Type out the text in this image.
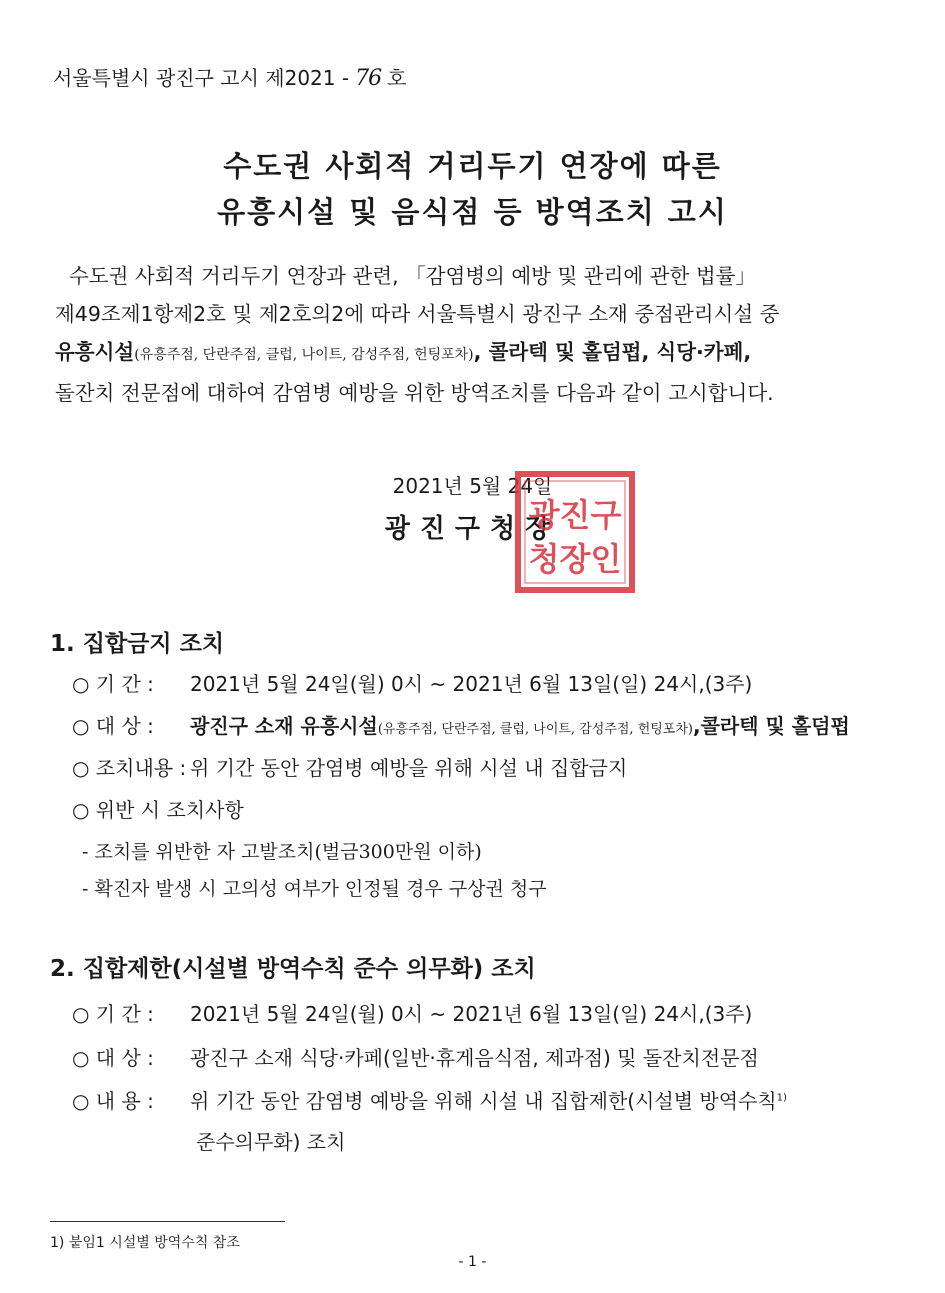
서울특별시 광진구 고시 제2021 - 76 호
수도권 사회적 거리두기 연장에 따른
유흥시설 및 음식점 등 방역조치 고시

수도권 사회적 거리두기 연장과 관련, 「감염병의 예방 및 관리에 관한 법률」

제49조제1항제2호 및 제2호의2에 따라 서울특별시 광진구 소재 중점관리시설 중

유흥시설(유흥주점, 단란주점, 클럽, 나이트, 감성주점, 헌팅포차), 콜라텍 및 홀덤펍, 식당·카페,

돌잔치 전문점에 대하여 감염병 예방을 위한 방역조치를 다음과 같이 고시합니다.

2021년 5월 24일
광진구청장
광진구
청장인
1. 집합금지 조치
○ 기 간 : 2021년 5월 24일(월) 0시 ~ 2021년 6월 13일(일) 24시,(3주)
○ 대 상 : 광진구 소재 유흥시설(유흥주점, 단란주점, 클럽, 나이트, 감성주점, 헌팅포차),콜라텍 및 홀덤펍
○ 조치내용 : 위 기간 동안 감염병 예방을 위해 시설 내 집합금지
○ 위반 시 조치사항
- 조치를 위반한 자 고발조치(벌금300만원 이하)
- 확진자 발생 시 고의성 여부가 인정될 경우 구상권 청구
2. 집합제한(시설별 방역수칙 준수 의무화) 조치
○ 기 간 : 2021년 5월 24일(월) 0시 ~ 2021년 6월 13일(일) 24시,(3주)
○ 대 상 : 광진구 소재 식당·카페(일반·휴게음식점, 제과점) 및 돌잔치전문점
○ 내 용 : 위 기간 동안 감염병 예방을 위해 시설 내 집합제한(시설별 방역수칙$^{1)}$
준수의무화) 조치
1) 붙임1 시설별 방역수칙 참조
- 1 -
